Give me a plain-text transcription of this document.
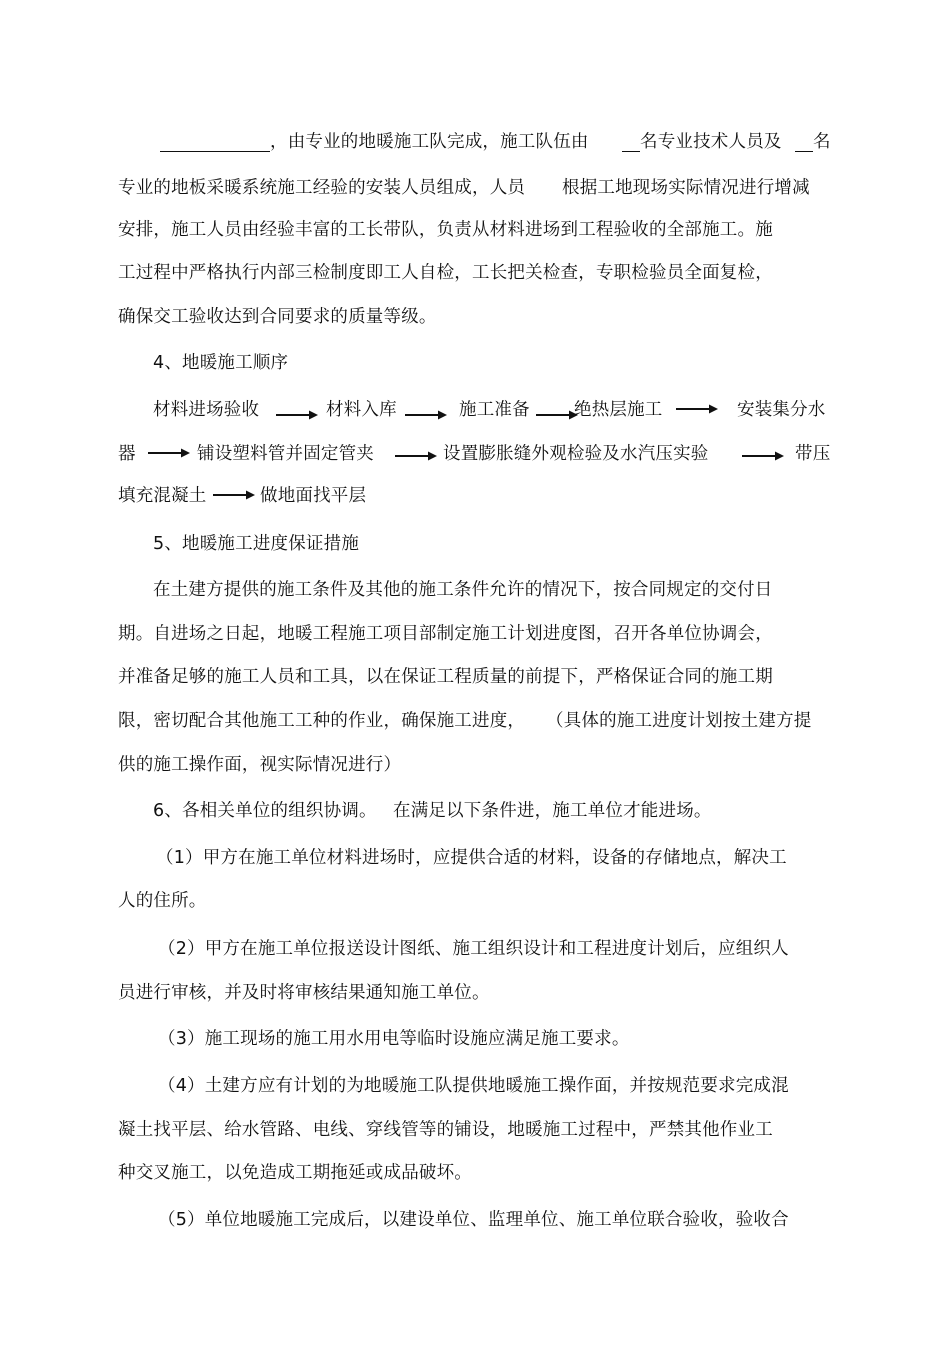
，由专业的地暖施工队完成，施工队伍由	名专业技术人员及 名
专业的地板采暖系统施工经验的安装人员组成，人员 根据工地现场实际情况进行增减
安排，施工人员由经验丰富的工长带队，负责从材料进场到工程验收的全部施工。施
工过程中严格执行内部三检制度即工人自检，工长把关检查，专职检验员全面复检，
确保交工验收达到合同要求的质量等级。
4、地暖施工顺序
材料进场验收	材料入库	施工准备	绝热层施工	安装集分水
器	铺设塑料管并固定管夹	设置膨胀缝外观检验及水汽压实验	带压
填充混凝土	做地面找平层
5、地暖施工进度保证措施
在土建方提供的施工条件及其他的施工条件允许的情况下，按合同规定的交付日
期。自进场之日起，地暖工程施工项目部制定施工计划进度图，召开各单位协调会，
并准备足够的施工人员和工具，以在保证工程质量的前提下，严格保证合同的施工期
限，密切配合其他施工工种的作业，确保施工进度， （具体的施工进度计划按土建方提
供的施工操作面，视实际情况进行）
6、各相关单位的组织协调。 在满足以下条件进，施工单位才能进场。
（1）甲方在施工单位材料进场时，应提供合适的材料，设备的存储地点，解决工
人的住所。
（2）甲方在施工单位报送设计图纸、施工组织设计和工程进度计划后，应组织人
员进行审核，并及时将审核结果通知施工单位。
（3）施工现场的施工用水用电等临时设施应满足施工要求。
（4）土建方应有计划的为地暖施工队提供地暖施工操作面，并按规范要求完成混
凝土找平层、给水管路、电线、穿线管等的铺设，地暖施工过程中，严禁其他作业工
种交叉施工，以免造成工期拖延或成品破坏。
（5）单位地暖施工完成后，以建设单位、监理单位、施工单位联合验收，验收合
